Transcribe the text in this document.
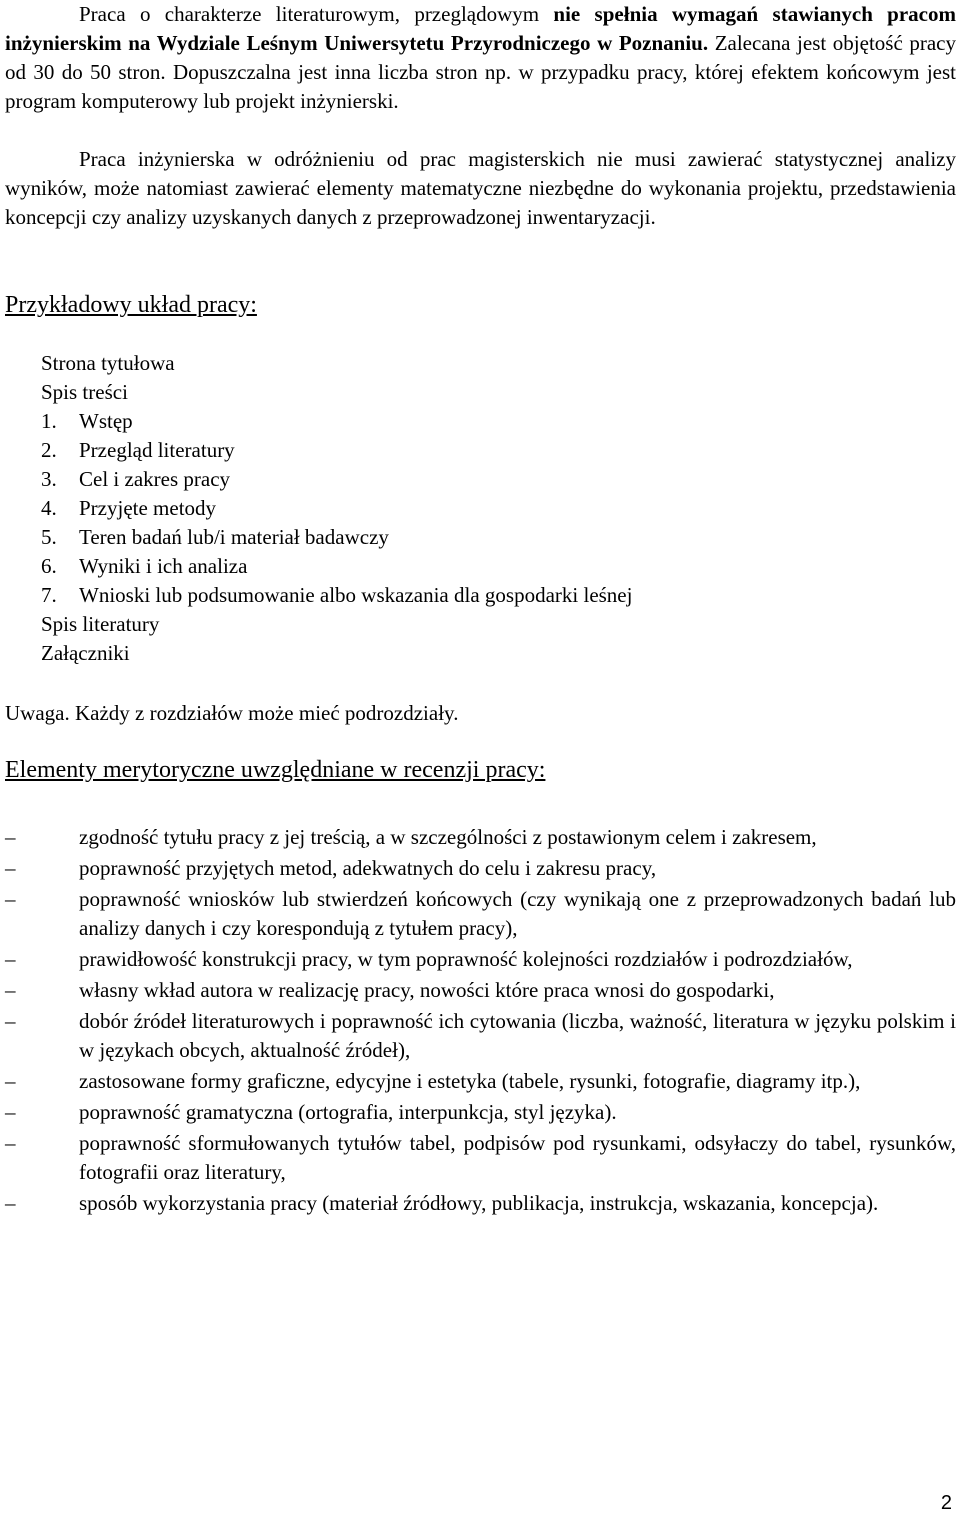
Praca o charakterze literaturowym, przeglądowym nie spełnia wymagań stawianych pracom inżynierskim na Wydziale Leśnym Uniwersytetu Przyrodniczego w Poznaniu. Zalecana jest objętość pracy od 30 do 50 stron. Dopuszczalna jest inna liczba stron np. w przypadku pracy, której efektem końcowym jest program komputerowy lub projekt inżynierski.

Praca inżynierska w odróżnieniu od prac magisterskich nie musi zawierać statystycznej analizy wyników, może natomiast zawierać elementy matematyczne niezbędne do wykonania projektu, przedstawienia koncepcji czy analizy uzyskanych danych z przeprowadzonej inwentaryzacji.

Przykładowy układ pracy:
Strona tytułowa
Spis treści
1. Wstęp
2. Przegląd literatury
3. Cel i zakres pracy
4. Przyjęte metody
5. Teren badań lub/i materiał badawczy
6. Wyniki i ich analiza
7. Wnioski lub podsumowanie albo wskazania dla gospodarki leśnej
Spis literatury
Załączniki
Uwaga. Każdy z rozdziałów może mieć podrozdziały.
Elementy merytoryczne uwzględniane w recenzji pracy:
–	zgodność tytułu pracy z jej treścią, a w szczególności z postawionym celem i zakresem,
–	poprawność przyjętych metod, adekwatnych do celu i zakresu pracy,
–	poprawność wniosków lub stwierdzeń końcowych (czy wynikają one z przeprowadzonych badań lub analizy danych i czy korespondują z tytułem pracy),
–	prawidłowość konstrukcji pracy, w tym poprawność kolejności rozdziałów i podrozdziałów,
–	własny wkład autora w realizację pracy, nowości które praca wnosi do gospodarki,
–	dobór źródeł literaturowych i poprawność ich cytowania (liczba, ważność, literatura w języku polskim i w językach obcych, aktualność źródeł),
–	zastosowane formy graficzne, edycyjne i estetyka (tabele, rysunki, fotografie, diagramy itp.),
–	poprawność gramatyczna (ortografia, interpunkcja, styl języka).
–	poprawność sformułowanych tytułów tabel, podpisów pod rysunkami, odsyłaczy do tabel, rysunków, fotografii oraz literatury,
–	sposób wykorzystania pracy (materiał źródłowy, publikacja, instrukcja, wskazania, koncepcja).
2
